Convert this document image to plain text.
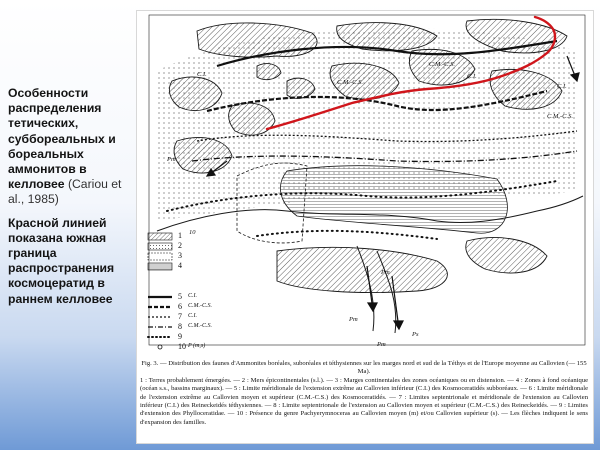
Особенности распределения тетических, суббореальных и бореальных аммонитов в келловее (Cariou et al., 1985)
Красной линией показана южная граница распространения космоцератид в раннем келловее
C.M.-C.S.
C.I.
C.M.-C.S.
C.I.
C.M.-C.S.
C.I.
Pm
Pm
Pm
Pm
Ps
10
1
2
3
4
5 C.I.
6 C.M.-C.S.
7 C.I.
8 C.M.-C.S.
9
10 P (m,s)

Fig. 3. — Distribution des faunes d'Ammonites boréales, suboréales et téthysiennes sur les marges nord et sud de la Téthys et de l'Europe moyenne au Callovien (— 155 Ma).

1 : Terres probablement émergées. — 2 : Mers épicontinentales (s.l.). — 3 : Marges continentales des zones océaniques ou en distension. — 4 : Zones à fond océanique (océan s.s., bassins marginaux). — 5 : Limite méridionale de l'extension extrême au Callovien inférieur (C.I.) des Kosmoceratidés subboréaux. — 6 : Limite méridionale de l'extension extrême au Callovien moyen et supérieur (C.M.-C.S.) des Kosmoceratidés. — 7 : Limites septentrionale et méridionale de l'extension au Callovien inférieur (C.I.) des Reineckeidés téthysiennes. — 8 : Limite septentrionale de l'extension au Callovien moyen et supérieur (C.M.-C.S.) des Reineckeidés. — 9 : Limites d'extension des Phylloceratidae. — 10 : Présence du genre Pachyerymnoceras au Callovien moyen (m) et/ou Callovien supérieur (s). — Les flèches indiquent le sens d'expansion des familles.
